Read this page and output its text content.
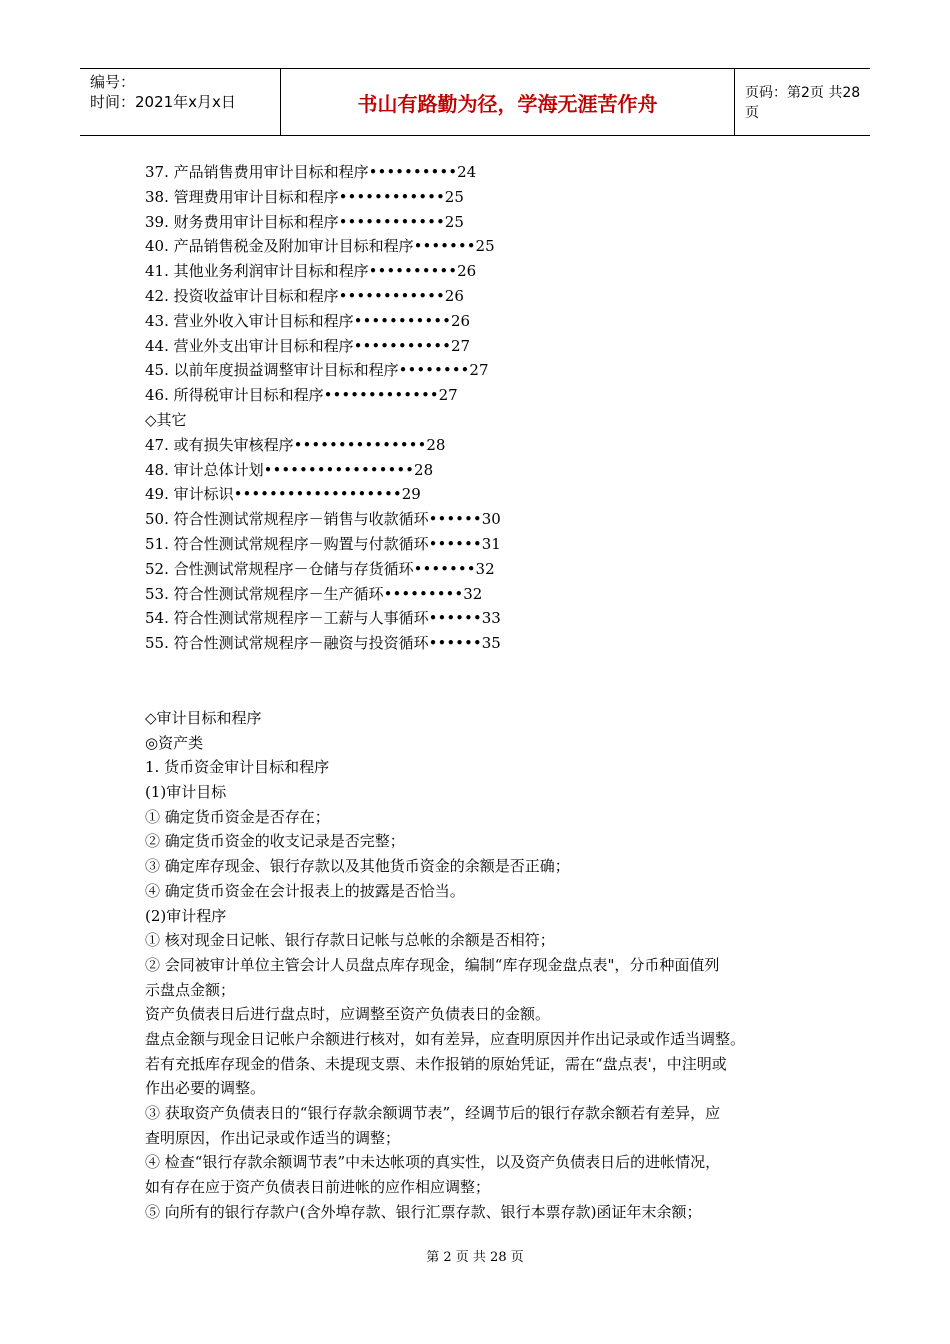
编号：
时间：2021年x月x日	书山有路勤为径，学海无涯苦作舟	页码：第2页 共28页
37. 产品销售费用审计目标和程序••••••••••24
38. 管理费用审计目标和程序••••••••••••25
39. 财务费用审计目标和程序••••••••••••25
40. 产品销售税金及附加审计目标和程序•••••••25
41. 其他业务利润审计目标和程序••••••••••26
42. 投资收益审计目标和程序••••••••••••26
43. 营业外收入审计目标和程序•••••••••••26
44. 营业外支出审计目标和程序•••••••••••27
45. 以前年度损益调整审计目标和程序••••••••27
46. 所得税审计目标和程序•••••••••••••27
◇其它
47. 或有损失审核程序•••••••••••••••28
48. 审计总体计划•••••••••••••••••28
49. 审计标识•••••••••••••••••••29
50. 符合性测试常规程序－销售与收款循环••••••30
51. 符合性测试常规程序－购置与付款循环••••••31
52. 合性测试常规程序－仓储与存货循环•••••••32
53. 符合性测试常规程序－生产循环•••••••••32
54. 符合性测试常规程序－工薪与人事循环••••••33
55. 符合性测试常规程序－融资与投资循环••••••35
◇审计目标和程序
◎资产类
1. 货币资金审计目标和程序
(1)审计目标
① 确定货币资金是否存在；
② 确定货币资金的收支记录是否完整；
③ 确定库存现金、银行存款以及其他货币资金的余额是否正确；
④ 确定货币资金在会计报表上的披露是否恰当。
(2)审计程序
① 核对现金日记帐、银行存款日记帐与总帐的余额是否相符；
② 会同被审计单位主管会计人员盘点库存现金，编制“库存现金盘点表"，分币种面值列
示盘点金额；
资产负债表日后进行盘点时，应调整至资产负债表日的金额。
盘点金额与现金日记帐户余额进行核对，如有差异，应查明原因并作出记录或作适当调整。
若有充抵库存现金的借条、未提现支票、未作报销的原始凭证，需在“盘点表'，中注明或
作出必要的调整。
③ 获取资产负债表日的“银行存款余额调节表”，经调节后的银行存款余额若有差异，应
查明原因，作出记录或作适当的调整；
④ 检查“银行存款余额调节表”中未达帐项的真实性，以及资产负债表日后的进帐情况，
如有存在应于资产负债表日前进帐的应作相应调整；
⑤ 向所有的银行存款户(含外埠存款、银行汇票存款、银行本票存款)函证年末余额；
第 2 页 共 28 页
